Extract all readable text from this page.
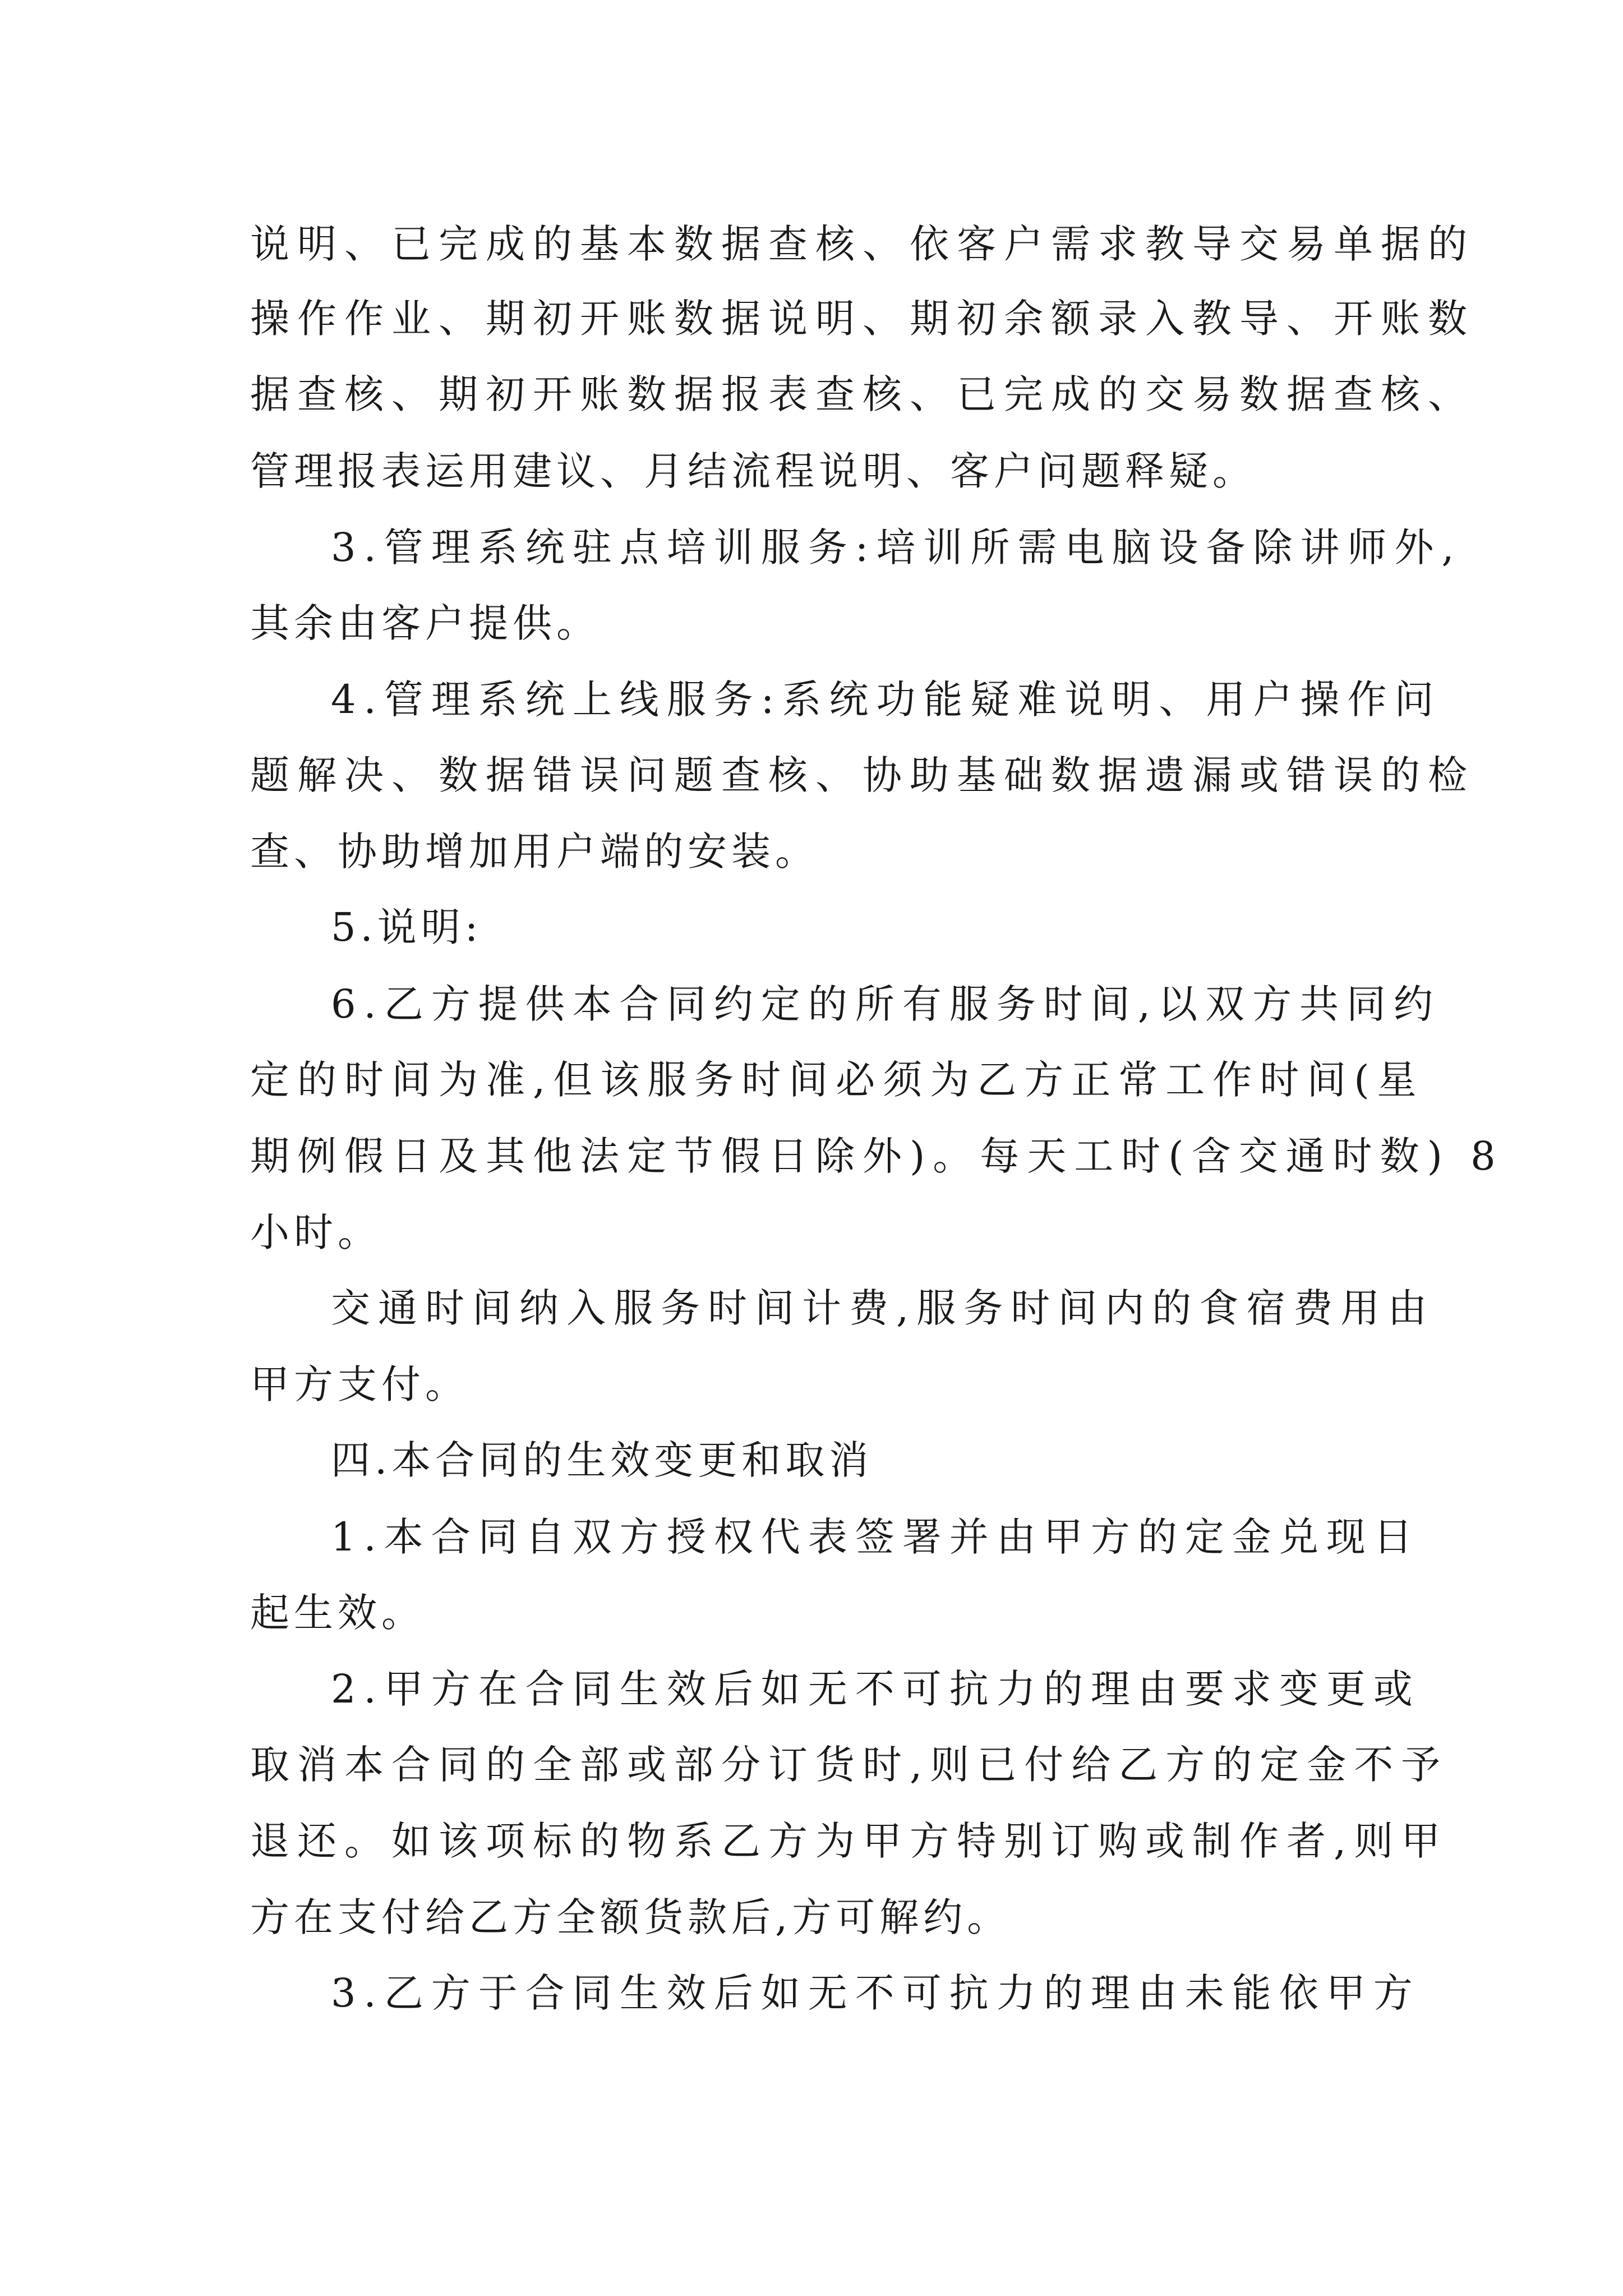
说明、已完成的基本数据查核、依客户需求教导交易单据的
操作作业、期初开账数据说明、期初余额录入教导、开账数
据查核、期初开账数据报表查核、已完成的交易数据查核、
管理报表运用建议、月结流程说明、客户问题释疑。
3.管理系统驻点培训服务:培训所需电脑设备除讲师外,
其余由客户提供。
4.管理系统上线服务:系统功能疑难说明、用户操作问
题解决、数据错误问题查核、协助基础数据遗漏或错误的检
查、协助增加用户端的安装。
5.说明:
6.乙方提供本合同约定的所有服务时间,以双方共同约
定的时间为准,但该服务时间必须为乙方正常工作时间(星
期例假日及其他法定节假日除外)。每天工时(含交通时数) 8
小时。
交通时间纳入服务时间计费,服务时间内的食宿费用由
甲方支付。
四.本合同的生效变更和取消
1.本合同自双方授权代表签署并由甲方的定金兑现日
起生效。
2.甲方在合同生效后如无不可抗力的理由要求变更或
取消本合同的全部或部分订货时,则已付给乙方的定金不予
退还。如该项标的物系乙方为甲方特别订购或制作者,则甲
方在支付给乙方全额货款后,方可解约。
3.乙方于合同生效后如无不可抗力的理由未能依甲方
